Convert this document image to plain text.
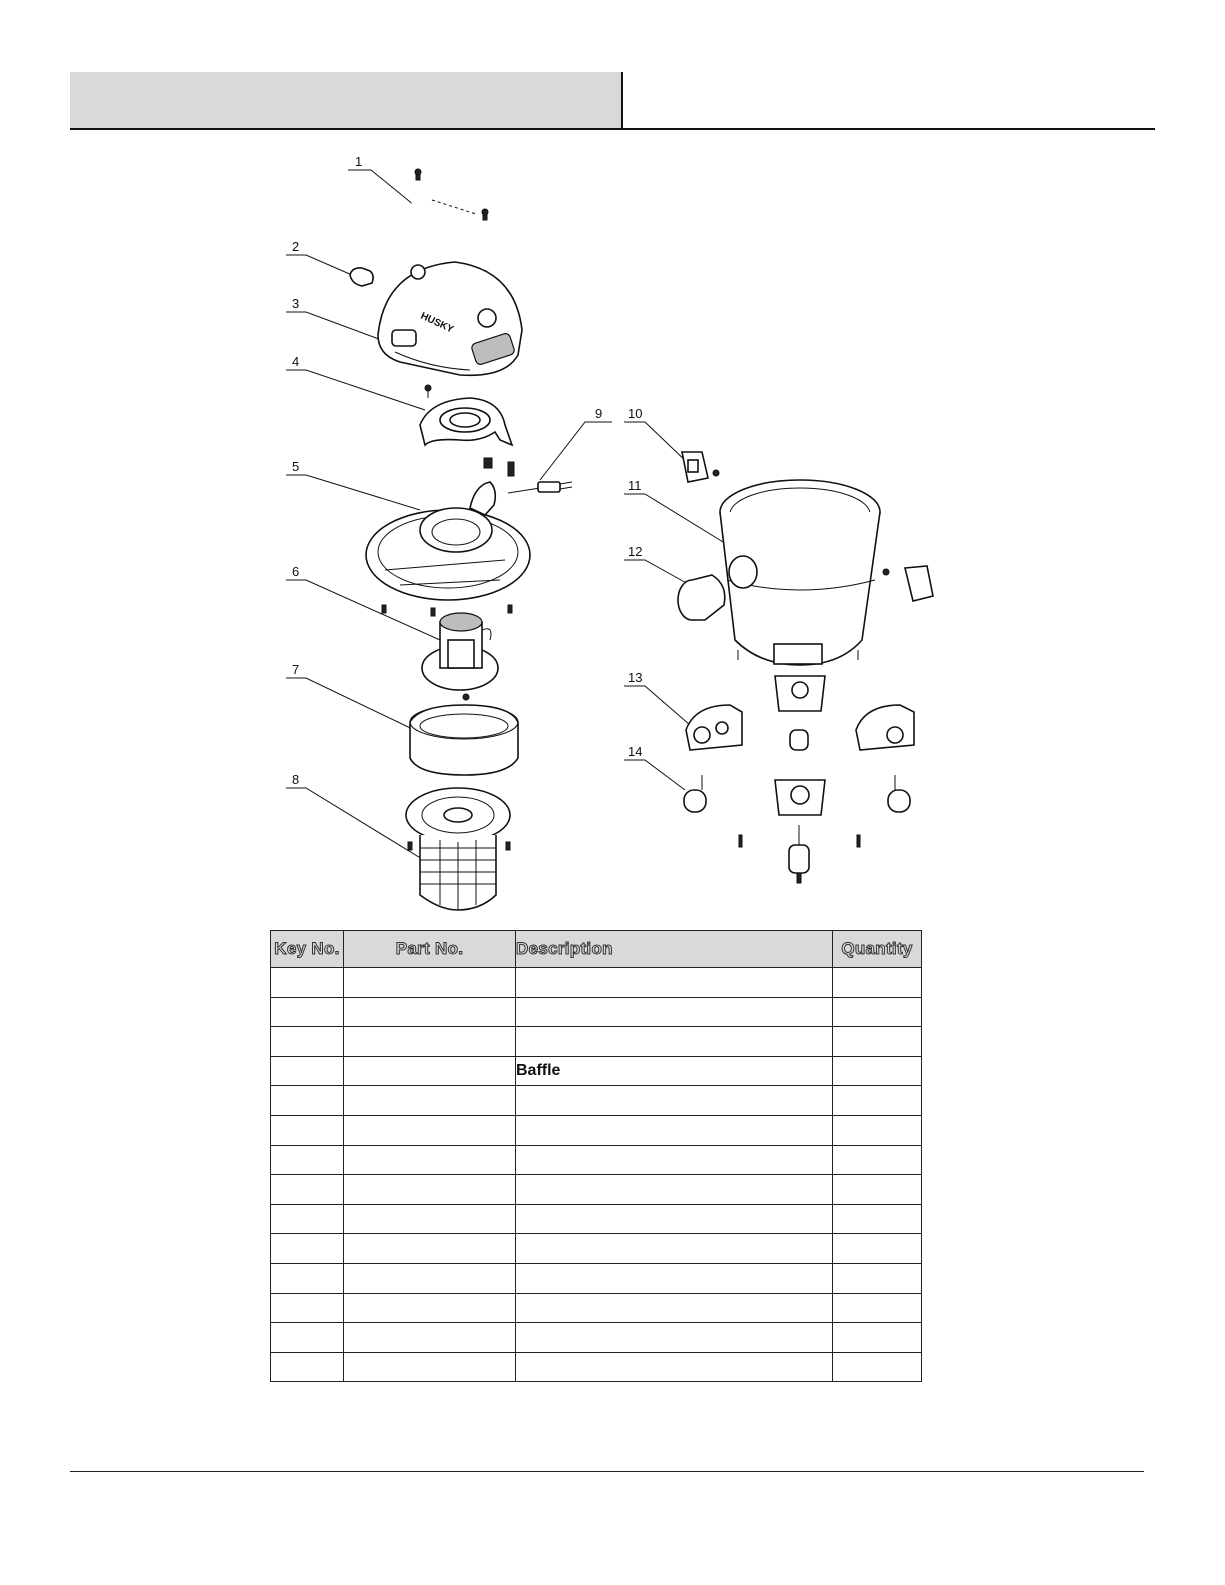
1
2
3
4
5
6
7
8
9 10
11
12
13
14
HUSKY
Key No.	Part No.	Description	Quantity

		Baffle	
